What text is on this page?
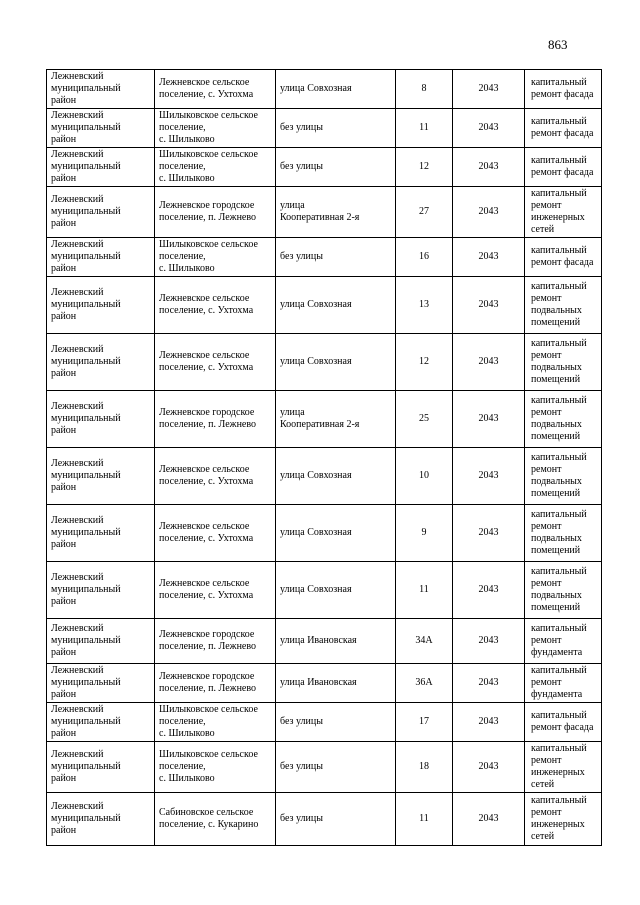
863
Лежневский
муниципальный
район	Лежневское сельское
поселение, с. Ухтохма	улица Совхозная	8	2043	капитальный
ремонт фасада

Лежневский
муниципальный
район	Шилыковское сельское
поселение,
с. Шилыково	без улицы	11	2043	капитальный
ремонт фасада

Лежневский
муниципальный
район	Шилыковское сельское
поселение,
с. Шилыково	без улицы	12	2043	капитальный
ремонт фасада

Лежневский
муниципальный
район	Лежневское городское
поселение, п. Лежнево	улица
Кооперативная 2-я	27	2043	капитальный
ремонт
инженерных
сетей

Лежневский
муниципальный
район	Шилыковское сельское
поселение,
с. Шилыково	без улицы	16	2043	капитальный
ремонт фасада

Лежневский
муниципальный
район	Лежневское сельское
поселение, с. Ухтохма	улица Совхозная	13	2043	капитальный
ремонт
подвальных
помещений

Лежневский
муниципальный
район	Лежневское сельское
поселение, с. Ухтохма	улица Совхозная	12	2043	капитальный
ремонт
подвальных
помещений

Лежневский
муниципальный
район	Лежневское городское
поселение, п. Лежнево	улица
Кооперативная 2-я	25	2043	капитальный
ремонт
подвальных
помещений

Лежневский
муниципальный
район	Лежневское сельское
поселение, с. Ухтохма	улица Совхозная	10	2043	капитальный
ремонт
подвальных
помещений

Лежневский
муниципальный
район	Лежневское сельское
поселение, с. Ухтохма	улица Совхозная	9	2043	капитальный
ремонт
подвальных
помещений

Лежневский
муниципальный
район	Лежневское сельское
поселение, с. Ухтохма	улица Совхозная	11	2043	капитальный
ремонт
подвальных
помещений

Лежневский
муниципальный
район	Лежневское городское
поселение, п. Лежнево	улица Ивановская	34А	2043	капитальный
ремонт
фундамента

Лежневский
муниципальный
район	Лежневское городское
поселение, п. Лежнево	улица Ивановская	36А	2043	капитальный
ремонт
фундамента

Лежневский
муниципальный
район	Шилыковское сельское
поселение,
с. Шилыково	без улицы	17	2043	капитальный
ремонт фасада

Лежневский
муниципальный
район	Шилыковское сельское
поселение,
с. Шилыково	без улицы	18	2043	капитальный
ремонт
инженерных
сетей

Лежневский
муниципальный
район	Сабиновское сельское
поселение, с. Кукарино	без улицы	11	2043	капитальный
ремонт
инженерных
сетей
